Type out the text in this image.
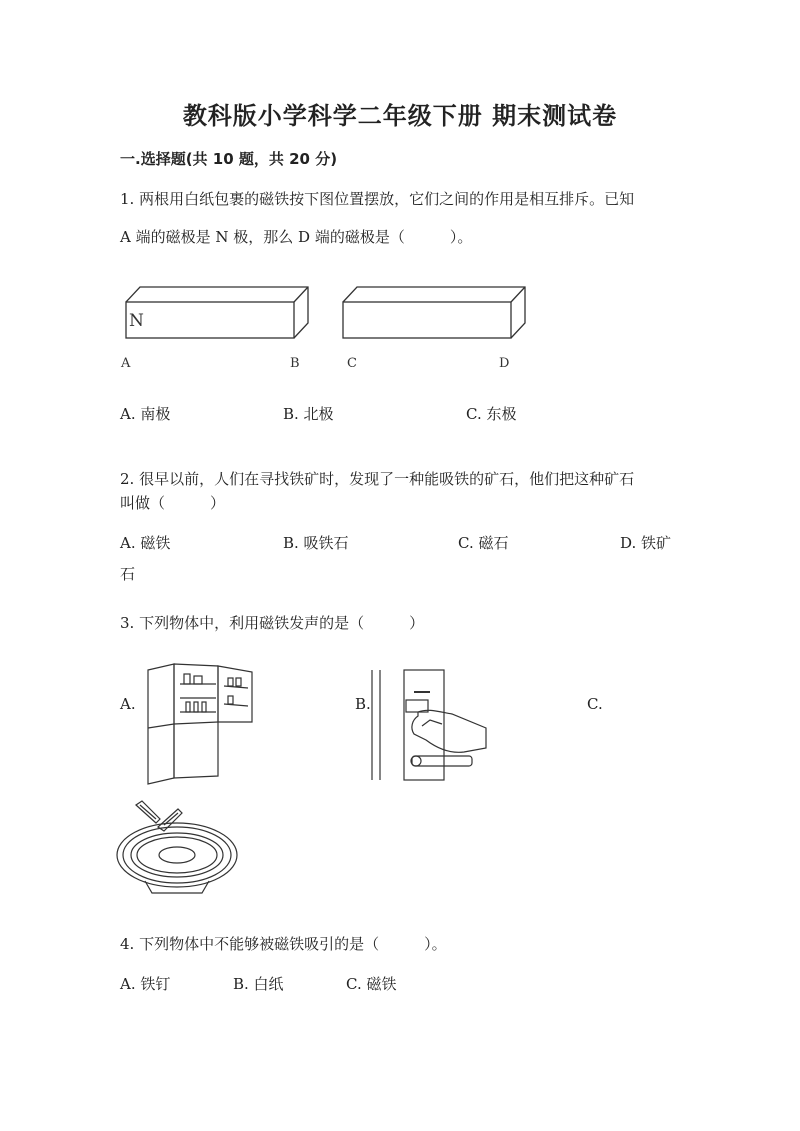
教科版小学科学二年级下册 期末测试卷
一.选择题(共 10 题，共 20 分)
1. 两根用白纸包裹的磁铁按下图位置摆放，它们之间的作用是相互排斥。已知
A 端的磁极是 N 极，那么 D 端的磁极是（　　　）。
N
A	B	C	D
A. 南极	B. 北极	C. 东极
2. 很早以前，人们在寻找铁矿时，发现了一种能吸铁的矿石，他们把这种矿石
叫做（　　　）
A. 磁铁	B. 吸铁石	C. 磁石	D. 铁矿
石
3. 下列物体中，利用磁铁发声的是（　　　）
A.	B.	C.
4. 下列物体中不能够被磁铁吸引的是（　　　）。
A. 铁钉	B. 白纸	C. 磁铁
